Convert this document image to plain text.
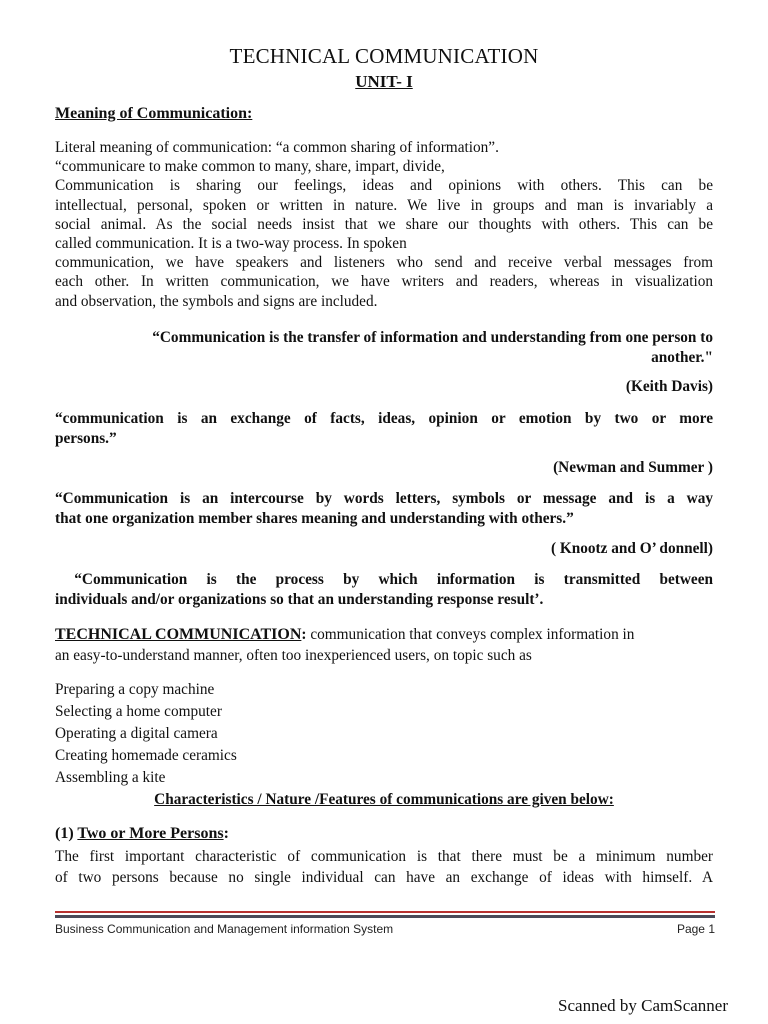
TECHNICAL COMMUNICATION
UNIT- I
Meaning of Communication:
Literal meaning of communication: “a common sharing of information”.
“communicare to make common to many, share, impart, divide,
Communication is sharing our feelings, ideas and opinions with others. This can be
intellectual, personal, spoken or written in nature. We live in groups and man is invariably a
social animal. As the social needs insist that we share our thoughts with others. This can be
called communication. It is a two-way process. In spoken
communication, we have speakers and listeners who send and receive verbal messages from
each other. In written communication, we have writers and readers, whereas in visualization
and observation, the symbols and signs are included.
“Communication is the transfer of information and understanding from one person to
another."
(Keith Davis)
“communication is an exchange of facts, ideas, opinion or emotion by two or more
persons.”
(Newman and Summer )
“Communication is an intercourse by words letters, symbols or message and is a way
that one organization member shares meaning and understanding with others.”
( Knootz and O’ donnell)
“Communication is the process by which information is transmitted between
individuals and/or organizations so that an understanding response result’.
TECHNICAL COMMUNICATION: communication that conveys complex information in
an easy-to-understand manner, often too inexperienced users, on topic such as
Preparing a copy machine
Selecting a home computer
Operating a digital camera
Creating homemade ceramics
Assembling a kite
Characteristics / Nature /Features of communications are given below:
(1) Two or More Persons:
The first important characteristic of communication is that there must be a minimum number
of two persons because no single individual can have an exchange of ideas with himself. A
Business Communication and Management information System	Page 1
Scanned by CamScanner
